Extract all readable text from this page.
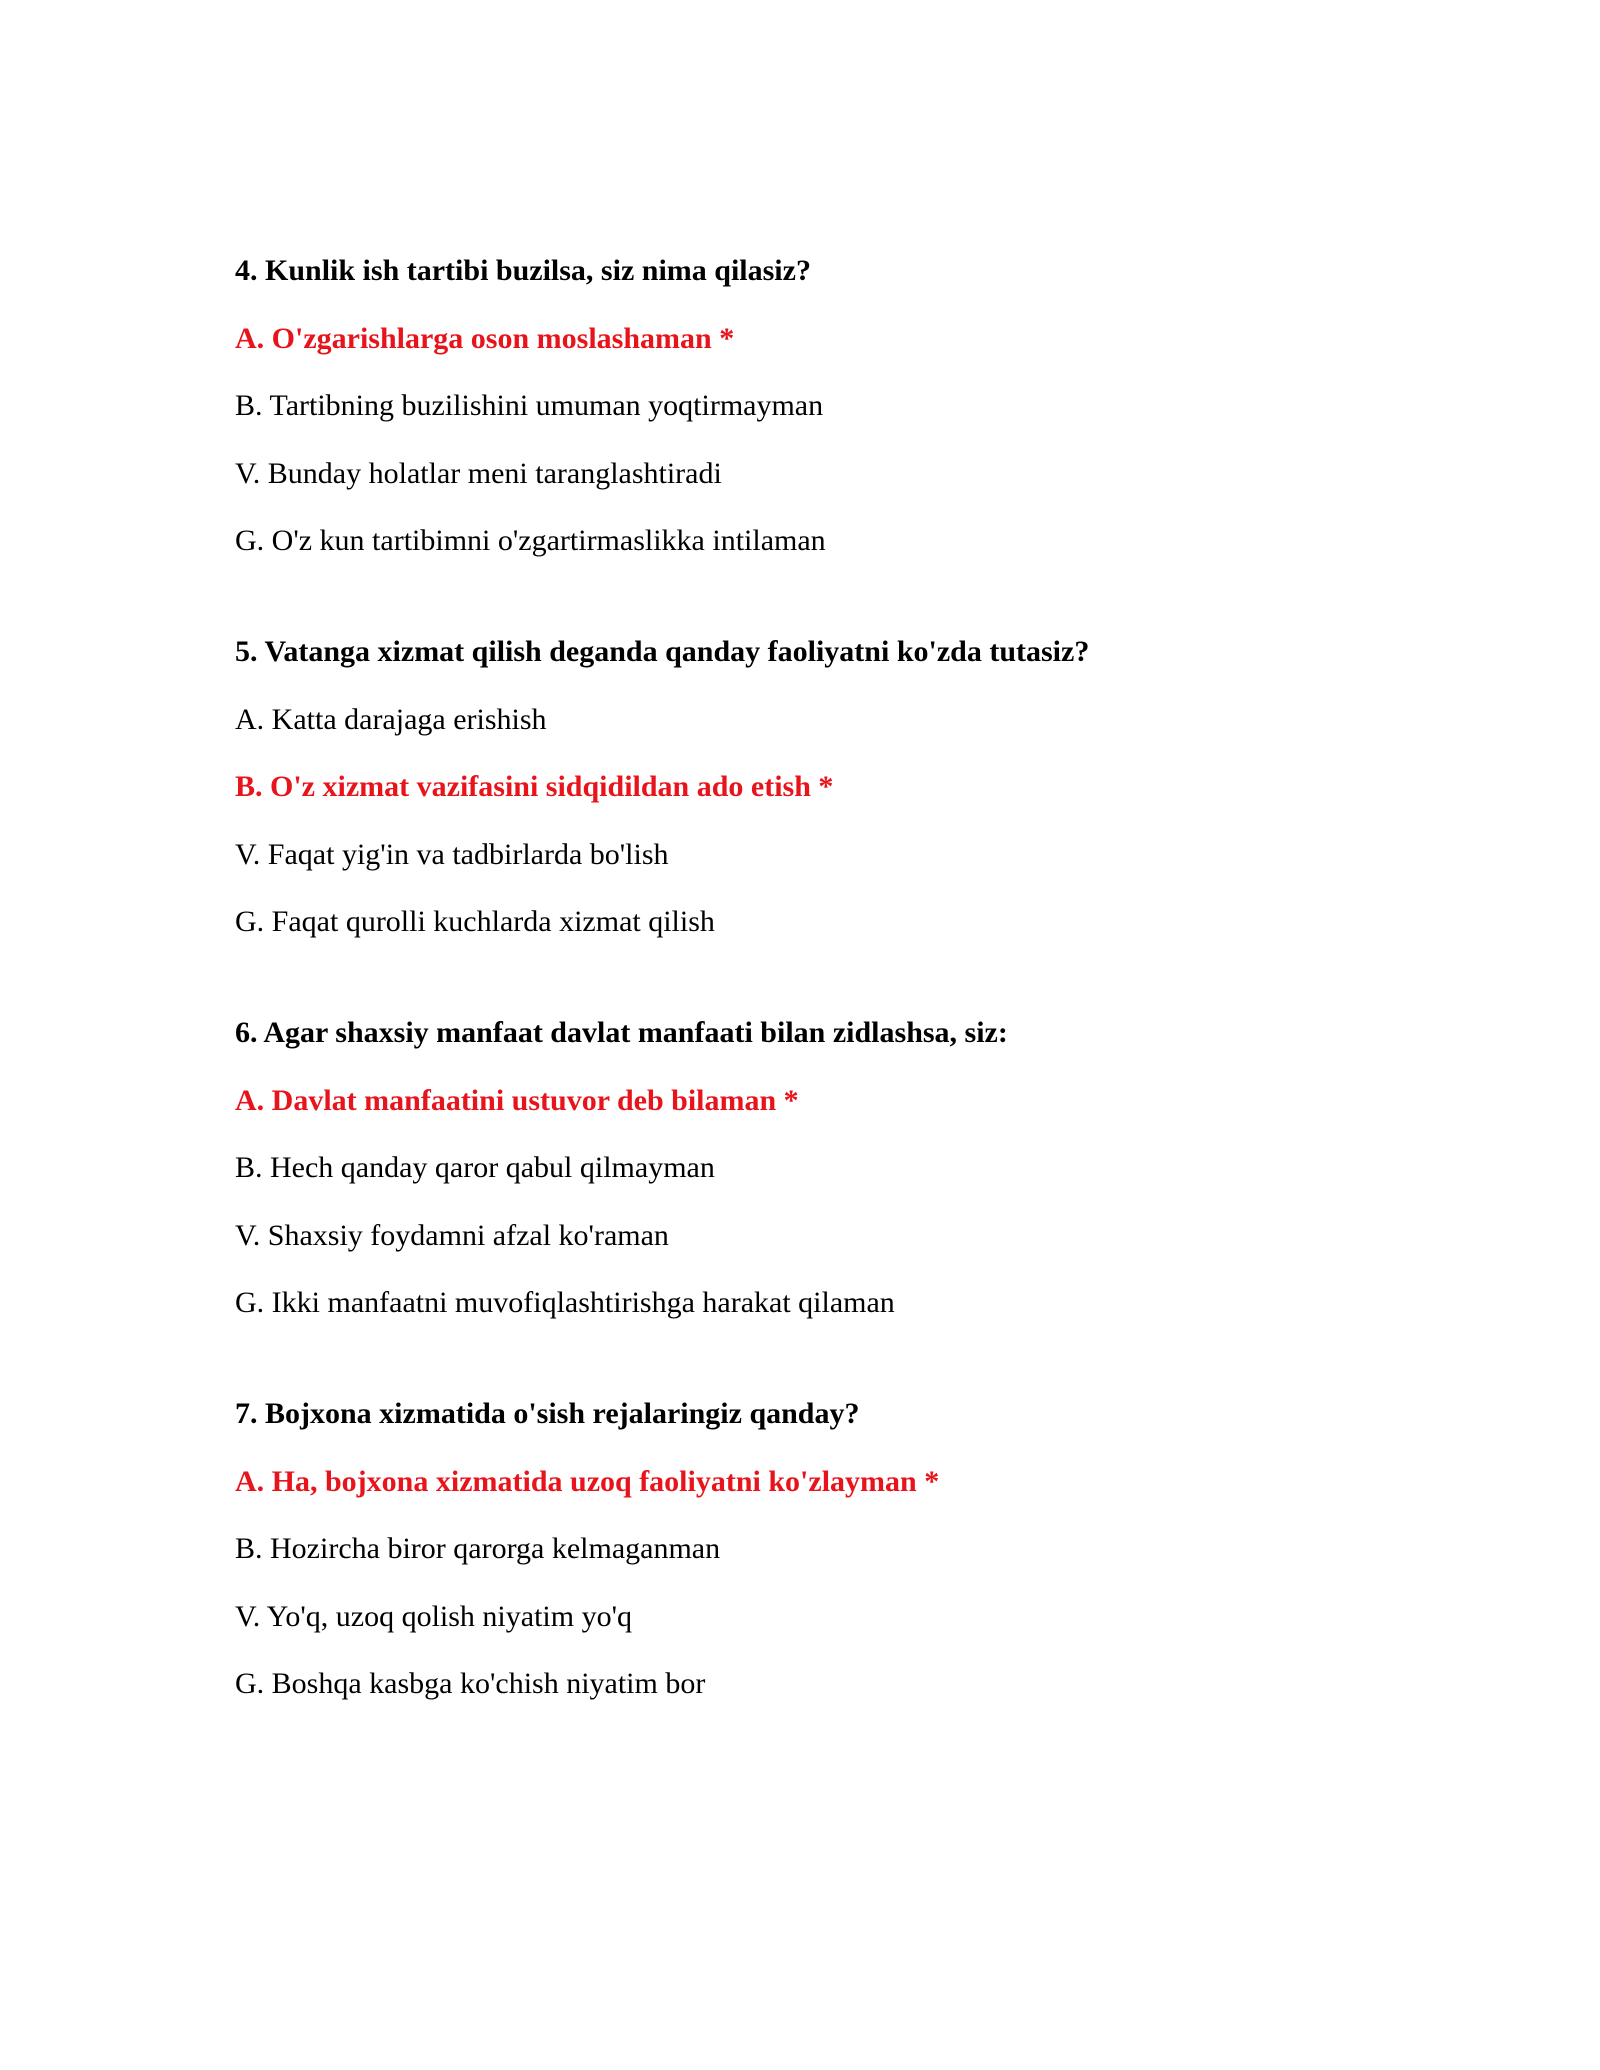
4. Kunlik ish tartibi buzilsa, siz nima qilasiz?
A. O'zgarishlarga oson moslashaman *
B. Tartibning buzilishini umuman yoqtirmayman
V. Bunday holatlar meni taranglashtiradi
G. O'z kun tartibimni o'zgartirmaslikka intilaman
5. Vatanga xizmat qilish deganda qanday faoliyatni ko'zda tutasiz?
A. Katta darajaga erishish
B. O'z xizmat vazifasini sidqidildan ado etish *
V. Faqat yig'in va tadbirlarda bo'lish
G. Faqat qurolli kuchlarda xizmat qilish
6. Agar shaxsiy manfaat davlat manfaati bilan zidlashsa, siz:
A. Davlat manfaatini ustuvor deb bilaman *
B. Hech qanday qaror qabul qilmayman
V. Shaxsiy foydamni afzal ko'raman
G. Ikki manfaatni muvofiqlashtirishga harakat qilaman
7. Bojxona xizmatida o'sish rejalaringiz qanday?
A. Ha, bojxona xizmatida uzoq faoliyatni ko'zlayman *
B. Hozircha biror qarorga kelmaganman
V. Yo'q, uzoq qolish niyatim yo'q
G. Boshqa kasbga ko'chish niyatim bor
